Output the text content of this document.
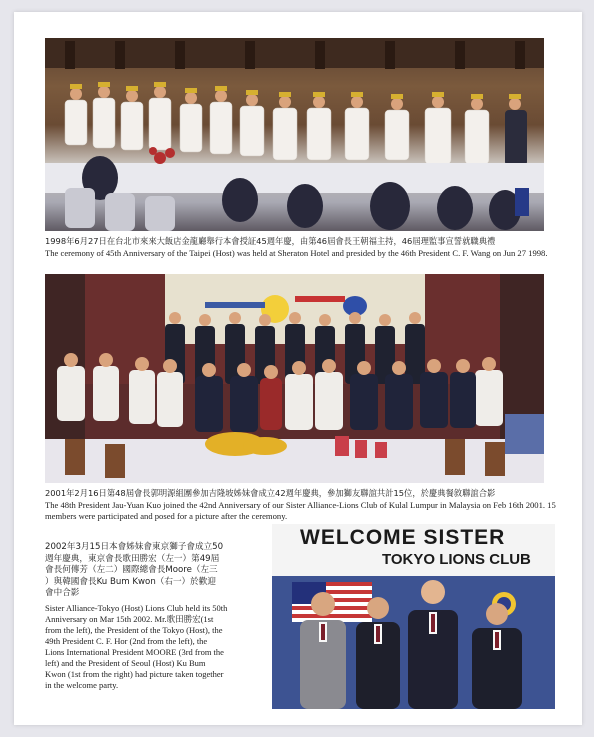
1998年6月27日在台北市來來大飯店金龍廳舉行本會授証45週年慶，由第46屆會長王朝福主持，46屆理監事宣誓就職典禮
The ceremony of 45th Anniversary of the Taipei (Host) was held at Sheraton Hotel and presided by the 46th President C. F. Wang on Jun 27 1998.
2001年2月16日第48屆會長郭明源組團參加吉隆坡姊妹會成立42週年慶典，參加獅友聯誼共計15位，於慶典餐敘聯誼合影
The 48th President Jau-Yuan Kuo joined the 42nd Anniversary of our Sister Alliance-Lions Club of Kulal Lumpur in Malaysia on Feb 16th 2001. 15 members were participated and posed for a picture after the ceremony.
2002年3月15日本會姊妹會東京獅子會成立50
週年慶典，東京會長歌田勝宏（左一）第49屆
會長何傳芳（左二）國際總會長Moore（左三
）與韓國會長Ku Bum Kwon（右一）於歡迎
會中合影
Sister Alliance-Tokyo (Host) Lions Club held its 50th
Anniversary on Mar 15th 2002. Mr.歌田勝宏(1st
from the left), the President of the Tokyo (Host), the
49th President C. F. Hor (2nd from the left), the
Lions International President MOORE (3rd from the
left) and the President of Seoul (Host) Ku Bum
Kwon (1st from the right) had picture taken together
in the welcome party.
WELCOME SISTER
TOKYO LIONS CLUB
